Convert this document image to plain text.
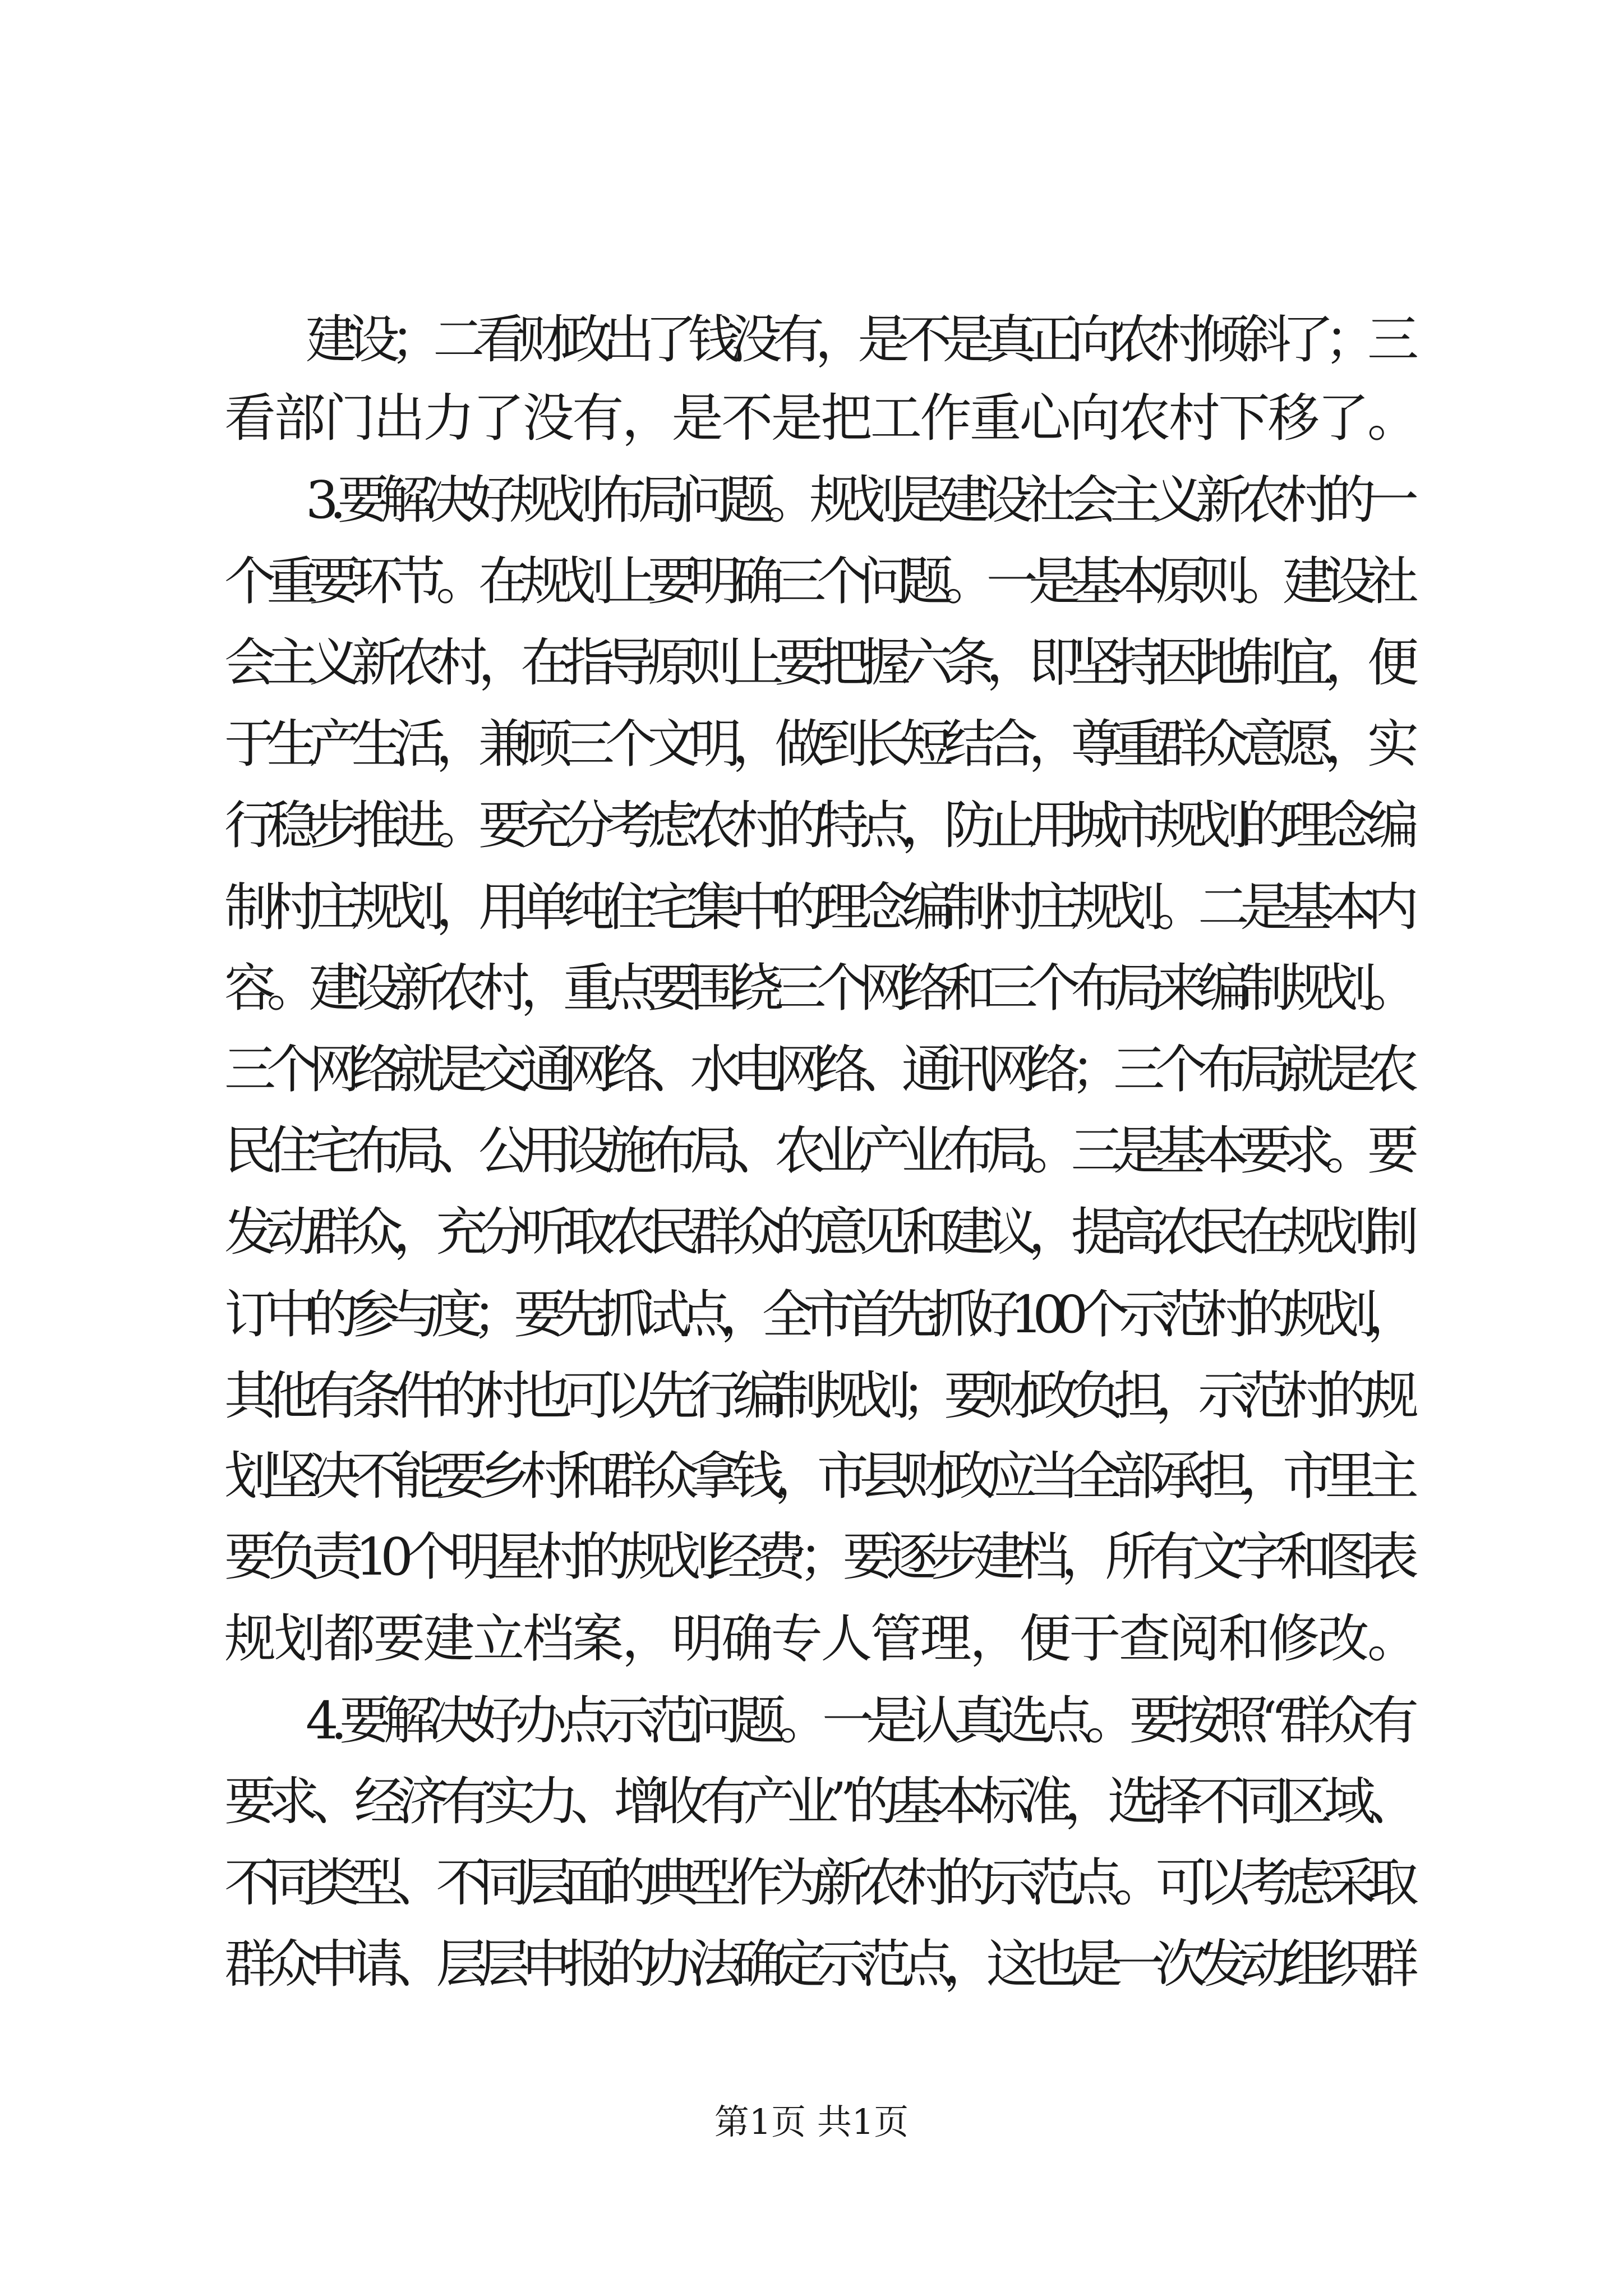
建设；二看财政出了钱没有，是不是真正向农村倾斜了；三
看部门出力了没有，是不是把工作重心向农村下移了。
3.要解决好规划布局问题。规划是建设社会主义新农村的一
个重要环节。在规划上要明确三个问题。一是基本原则。建设社
会主义新农村，在指导原则上要把握六条，即坚持因地制宜，便
于生产生活，兼顾三个文明，做到长短结合，尊重群众意愿，实
行稳步推进。要充分考虑农村的特点，防止用城市规划的理念编
制村庄规划，用单纯住宅集中的理念编制村庄规划。二是基本内
容。建设新农村，重点要围绕三个网络和三个布局来编制规划。
三个网络就是交通网络、水电网络、通讯网络；三个布局就是农
民住宅布局、公用设施布局、农业产业布局。三是基本要求。要
发动群众，充分听取农民群众的意见和建议，提高农民在规划制
订中的参与度；要先抓试点，全市首先抓好100个示范村的规划，
其他有条件的村也可以先行编制规划；要财政负担，示范村的规
划坚决不能要乡村和群众拿钱，市县财政应当全部承担，市里主
要负责10个明星村的规划经费；要逐步建档，所有文字和图表
规划都要建立档案，明确专人管理，便于查阅和修改。
4.要解决好办点示范问题。一是认真选点。要按照“群众有
要求、经济有实力、增收有产业”的基本标准，选择不同区域、
不同类型、不同层面的典型作为新农村的示范点。可以考虑采取
群众申请、层层申报的办法确定示范点，这也是一次发动组织群
第1页 共1页
